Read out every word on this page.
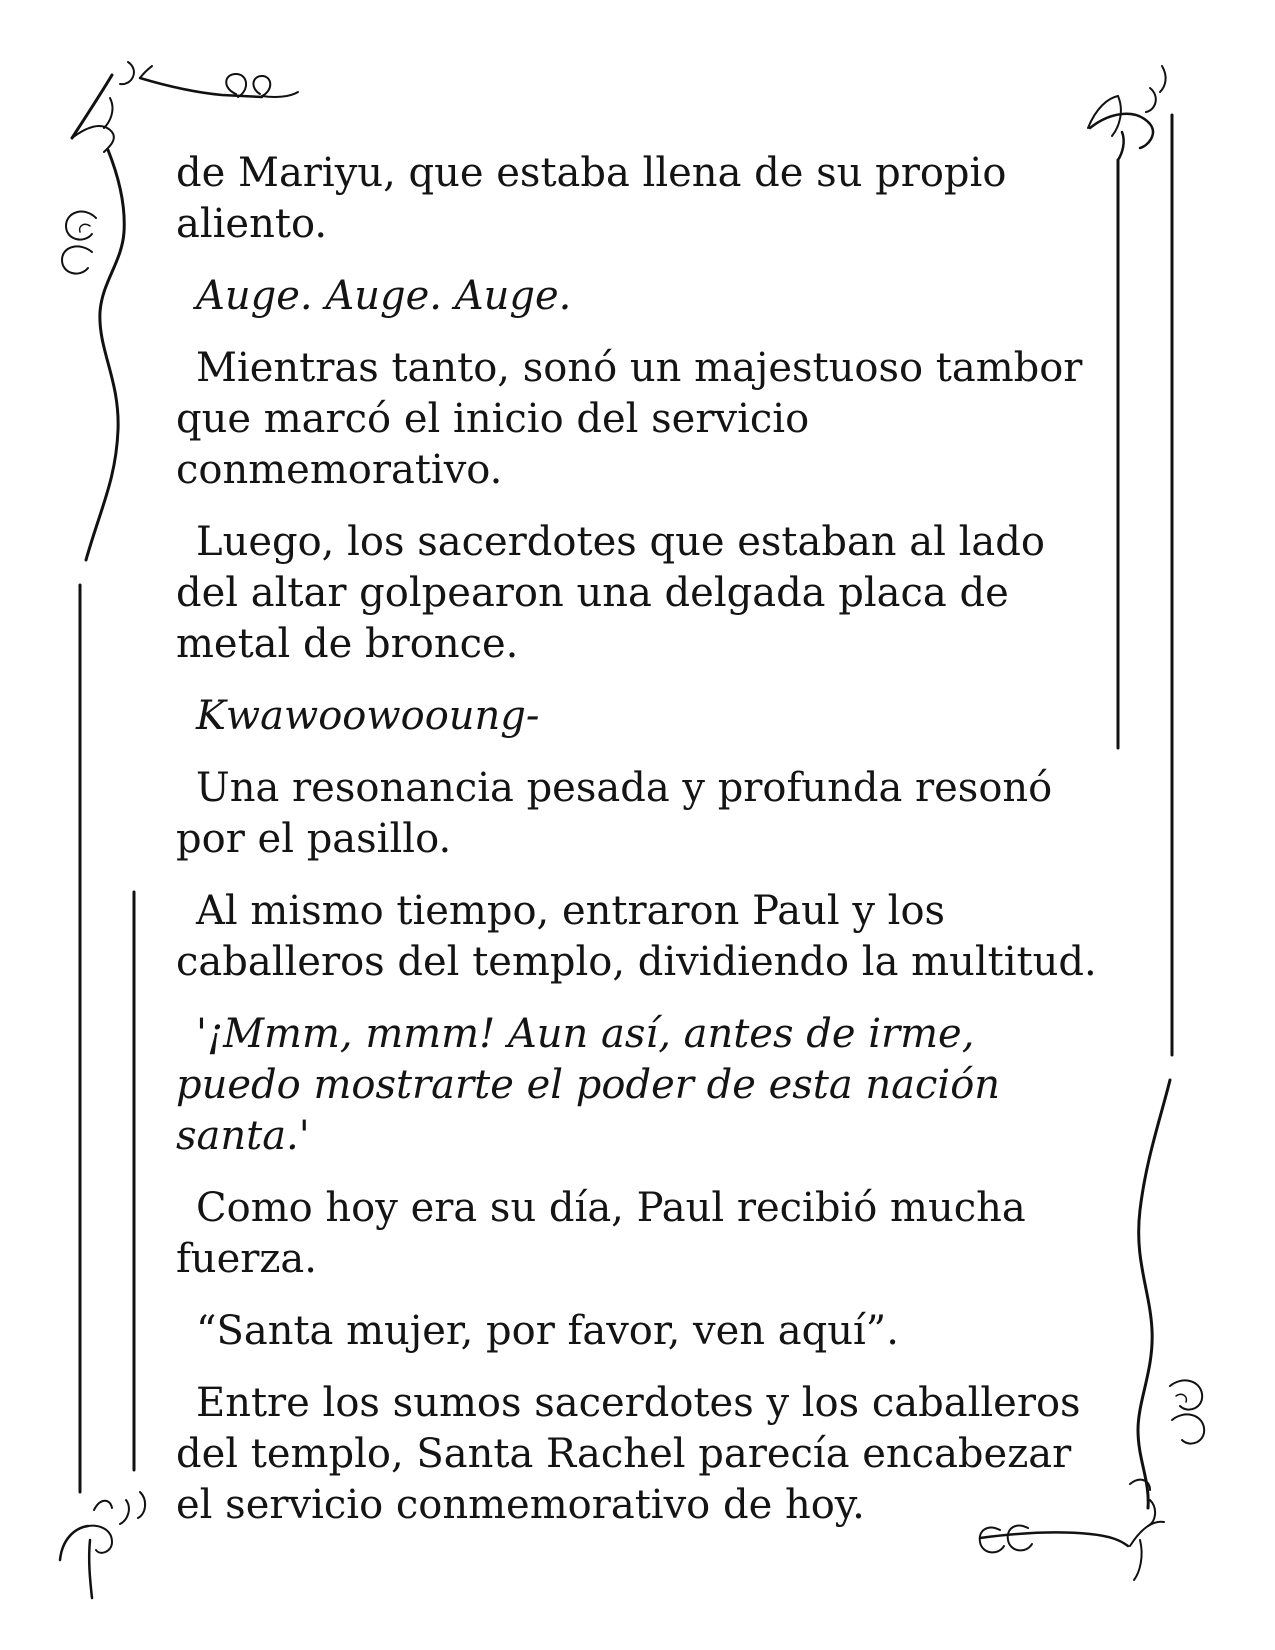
de Mariyu, que estaba llena de su propio aliento.

Auge. Auge. Auge.

Mientras tanto, sonó un majestuoso tambor que marcó el inicio del servicio conmemorativo.

Luego, los sacerdotes que estaban al lado del altar golpearon una delgada placa de metal de bronce.

Kwawoowooung-

Una resonancia pesada y profunda resonó por el pasillo.

Al mismo tiempo, entraron Paul y los caballeros del templo, dividiendo la multitud.

'¡Mmm, mmm! Aun así, antes de irme, puedo mostrarte el poder de esta nación santa.'

Como hoy era su día, Paul recibió mucha fuerza.

“Santa mujer, por favor, ven aquí”.

Entre los sumos sacerdotes y los caballeros del templo, Santa Rachel parecía encabezar el servicio conmemorativo de hoy.
